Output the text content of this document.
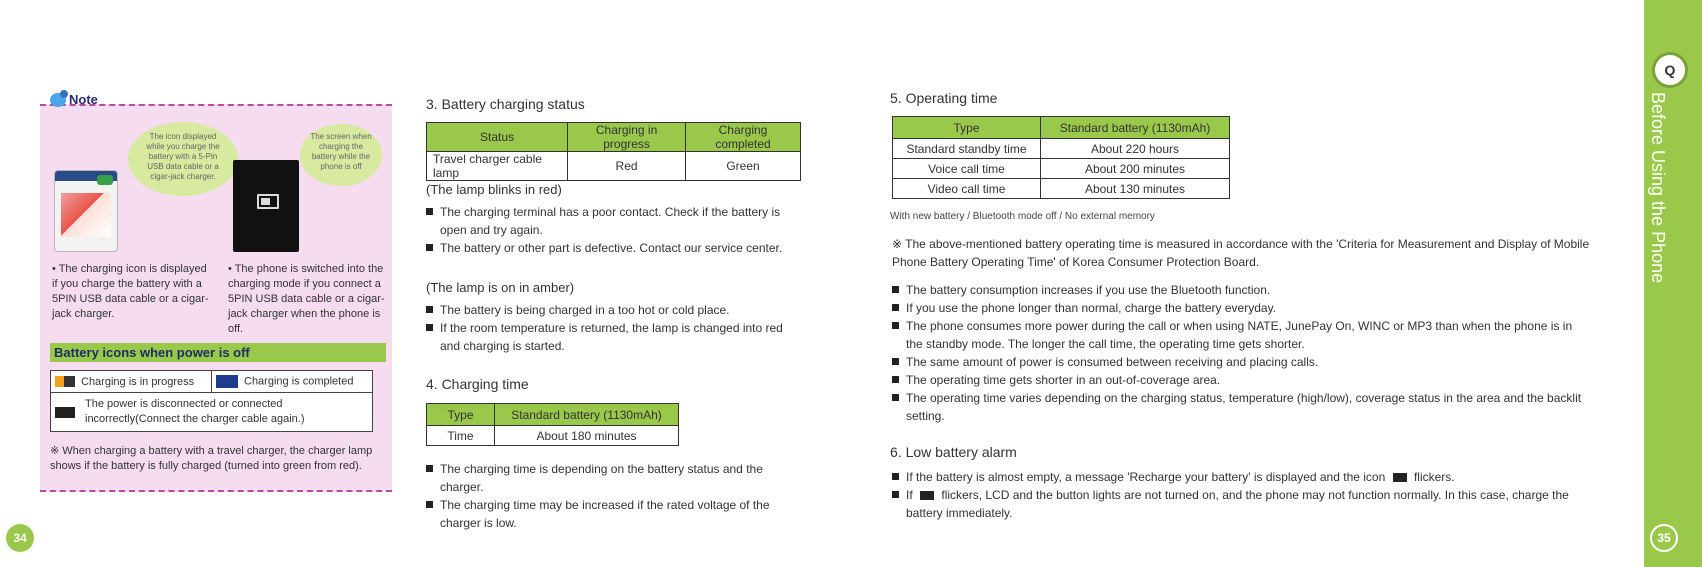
Note
The icon displayed while you charge the battery with a 5-Pin USB data cable or a cigar-jack charger.
The screen when charging the battery while the phone is off
• The charging icon is displayed if you charge the battery with a 5PIN USB data cable or a cigar-jack charger.
• The phone is switched into the charging mode if you connect a 5PIN USB data cable or a cigar-jack charger when the phone is off.
Battery icons when power is off
Charging is in progress	Charging is completed

The power is disconnected or connected incorrectly(Connect the charger cable again.)
※ When charging a battery with a travel charger, the charger lamp shows if the battery is fully charged (turned into green from red).
34
3. Battery charging status
Status	Charging in progress	Charging completed
Travel charger cable lamp	Red	Green
(The lamp blinks in red)
The charging terminal has a poor contact. Check if the battery is open and try again.
The battery or other part is defective. Contact our service center.
(The lamp is on in amber)
The battery is being charged in a too hot or cold place.
If the room temperature is returned, the lamp is changed into red and charging is started.
4. Charging time
Type	Standard battery (1130mAh)
Time	About 180 minutes
The charging time is depending on the battery status and the charger.
The charging time may be increased if the rated voltage of the charger is low.
5. Operating time
Type	Standard battery (1130mAh)
Standard standby time	About 220 hours
Voice call time	About 200 minutes
Video call time	About 130 minutes
With new battery / Bluetooth mode off / No external memory
※ The above-mentioned battery operating time is measured in accordance with the 'Criteria for Measurement and Display of Mobile Phone Battery Operating Time' of Korea Consumer Protection Board.
The battery consumption increases if you use the Bluetooth function.
If you use the phone longer than normal, charge the battery everyday.
The phone consumes more power during the call or when using NATE, JunePay On, WINC or MP3 than when the phone is in the standby mode. The longer the call time, the operating time gets shorter.
The same amount of power is consumed between receiving and placing calls.
The operating time gets shorter in an out-of-coverage area.
The operating time varies depending on the charging status, temperature (high/low), coverage status in the area and the backlit setting.
6. Low battery alarm
If the battery is almost empty, a message 'Recharge your battery' is displayed and the icon flickers.
If flickers, LCD and the button lights are not turned on, and the phone may not function normally. In this case, charge the battery immediately.
Q
Before Using the Phone
35
